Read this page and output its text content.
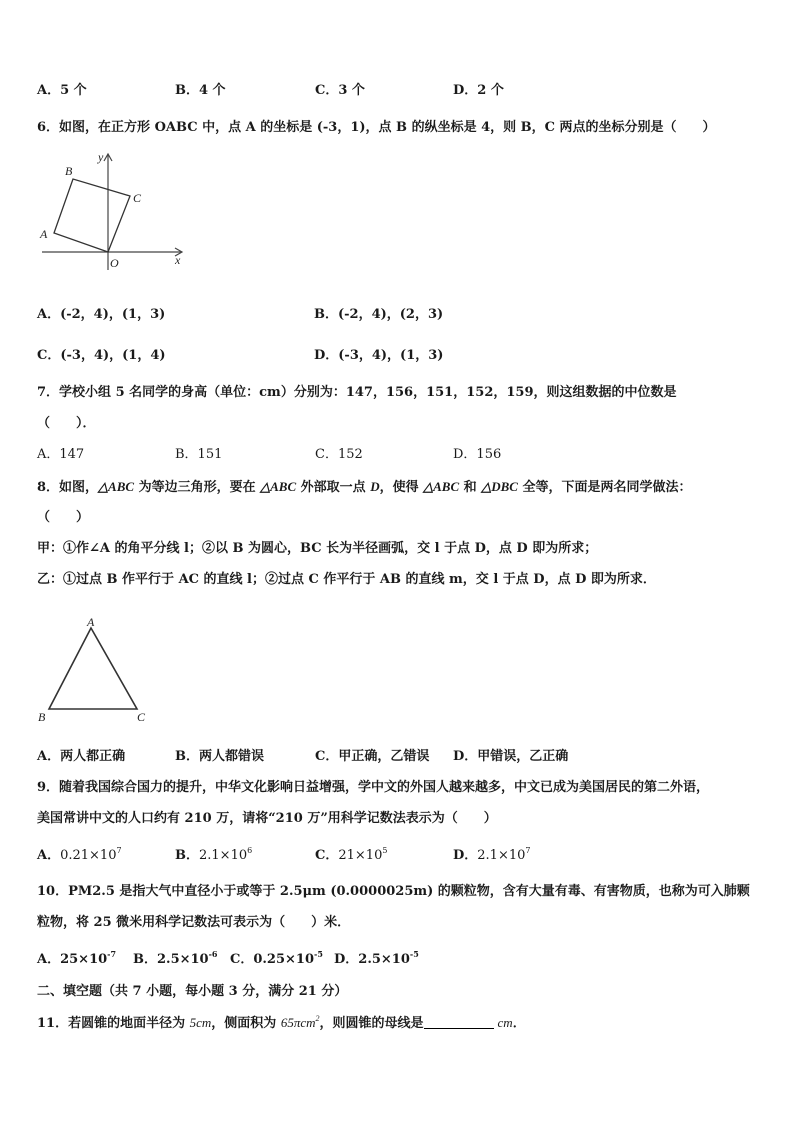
A．5 个	B．4 个	C．3 个	D．2 个
6．如图，在正方形 OABC 中，点 A 的坐标是 (-3，1)，点 B 的纵坐标是 4，则 B，C 两点的坐标分别是（　　）
B
C
A
O	x
y
A．(-2，4)，(1，3)	B．(-2，4)，(2，3)
C．(-3，4)，(1，4)	D．(-3，4)，(1，3)
7．学校小组 5 名同学的身高（单位：cm）分别为：147，156，151，152，159，则这组数据的中位数是
（　　）．
A．147	B．151	C．152	D．156
8．如图，△ABC 为等边三角形，要在 △ABC 外部取一点 D，使得 △ABC 和 △DBC 全等，下面是两名同学做法：
（　　）
甲：①作∠A 的角平分线 l；②以 B 为圆心，BC 长为半径画弧，交 l 于点 D，点 D 即为所求；
乙：①过点 B 作平行于 AC 的直线 l；②过点 C 作平行于 AB 的直线 m，交 l 于点 D，点 D 即为所求．
A
B	C
A．两人都正确	B．两人都错误	C．甲正确，乙错误 D．甲错误，乙正确
9．随着我国综合国力的提升，中华文化影响日益增强，学中文的外国人越来越多，中文已成为美国居民的第二外语，
美国常讲中文的人口约有 210 万，请将“210 万”用科学记数法表示为（　　）
A．$0.21\times 10^7$	B．$2.1\times 10^6$	C．$21\times 10^5$	D．$2.1\times 10^7$
10．PM2.5 是指大气中直径小于或等于 2.5μm (0.0000025m) 的颗粒物，含有大量有毒、有害物质，也称为可入肺颗
粒物，将 25 微米用科学记数法可表示为（　　）米．
A．$25\times 10^{-7}$ B．$2.5\times 10^{-6}$ C．$0.25\times 10^{-5}$ D．$2.5\times 10^{-5}$
二、填空题（共 7 小题，每小题 3 分，满分 21 分）
11．若圆锥的地面半径为 5cm，侧面积为 65πcm$^2$，则圆锥的母线是	cm．
